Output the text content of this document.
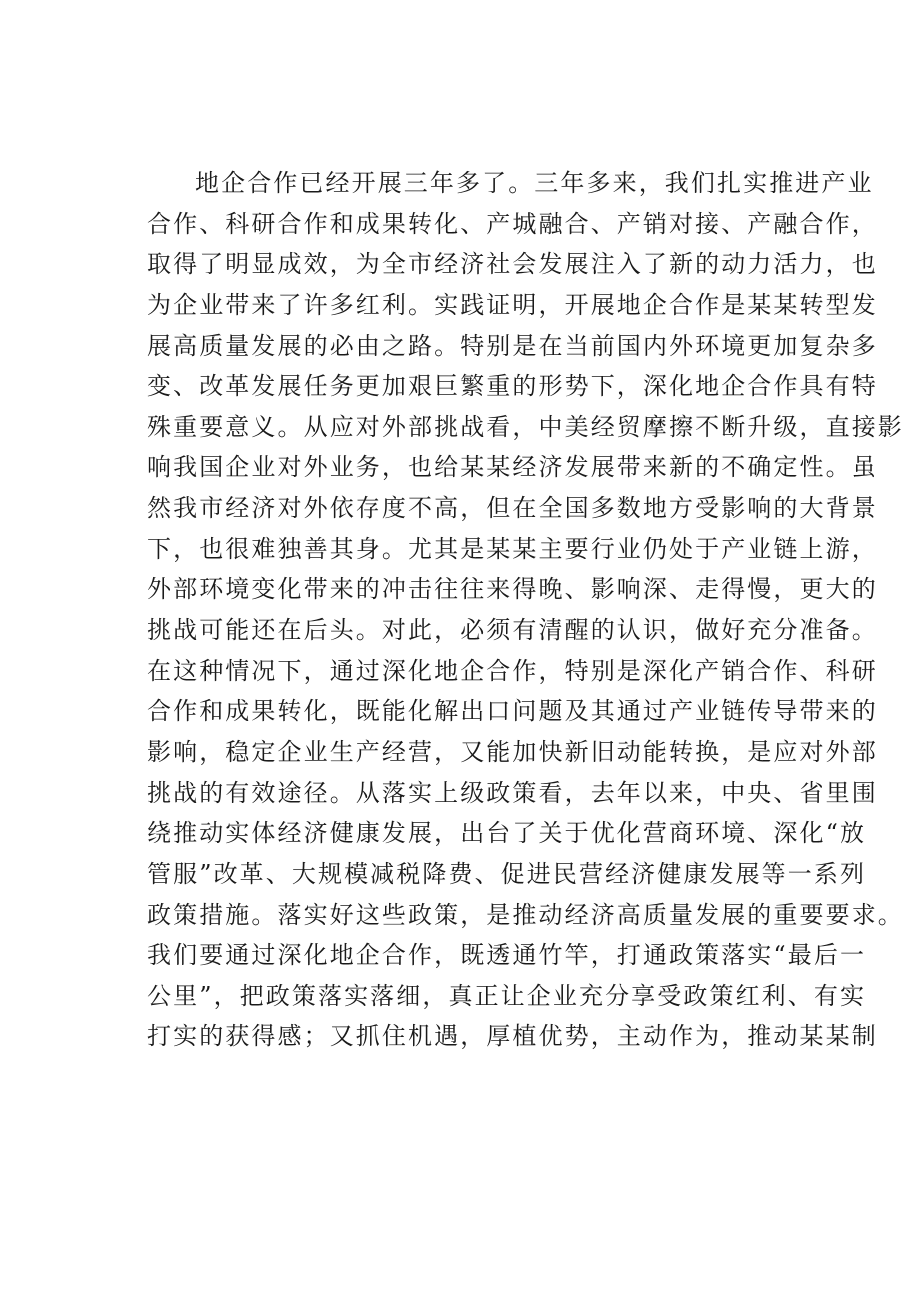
地企合作已经开展三年多了。三年多来，我们扎实推进产业
合作、科研合作和成果转化、产城融合、产销对接、产融合作，
取得了明显成效，为全市经济社会发展注入了新的动力活力，也
为企业带来了许多红利。实践证明，开展地企合作是某某转型发
展高质量发展的必由之路。特别是在当前国内外环境更加复杂多
变、改革发展任务更加艰巨繁重的形势下，深化地企合作具有特
殊重要意义。从应对外部挑战看，中美经贸摩擦不断升级，直接影
响我国企业对外业务，也给某某经济发展带来新的不确定性。虽
然我市经济对外依存度不高，但在全国多数地方受影响的大背景
下，也很难独善其身。尤其是某某主要行业仍处于产业链上游，
外部环境变化带来的冲击往往来得晚、影响深、走得慢，更大的
挑战可能还在后头。对此，必须有清醒的认识，做好充分准备。
在这种情况下，通过深化地企合作，特别是深化产销合作、科研
合作和成果转化，既能化解出口问题及其通过产业链传导带来的
影响，稳定企业生产经营，又能加快新旧动能转换，是应对外部
挑战的有效途径。从落实上级政策看，去年以来，中央、省里围
绕推动实体经济健康发展，出台了关于优化营商环境、深化“放
管服”改革、大规模减税降费、促进民营经济健康发展等一系列
政策措施。落实好这些政策，是推动经济高质量发展的重要要求。
我们要通过深化地企合作，既透通竹竿，打通政策落实“最后一
公里”，把政策落实落细，真正让企业充分享受政策红利、有实
打实的获得感；又抓住机遇，厚植优势，主动作为，推动某某制
